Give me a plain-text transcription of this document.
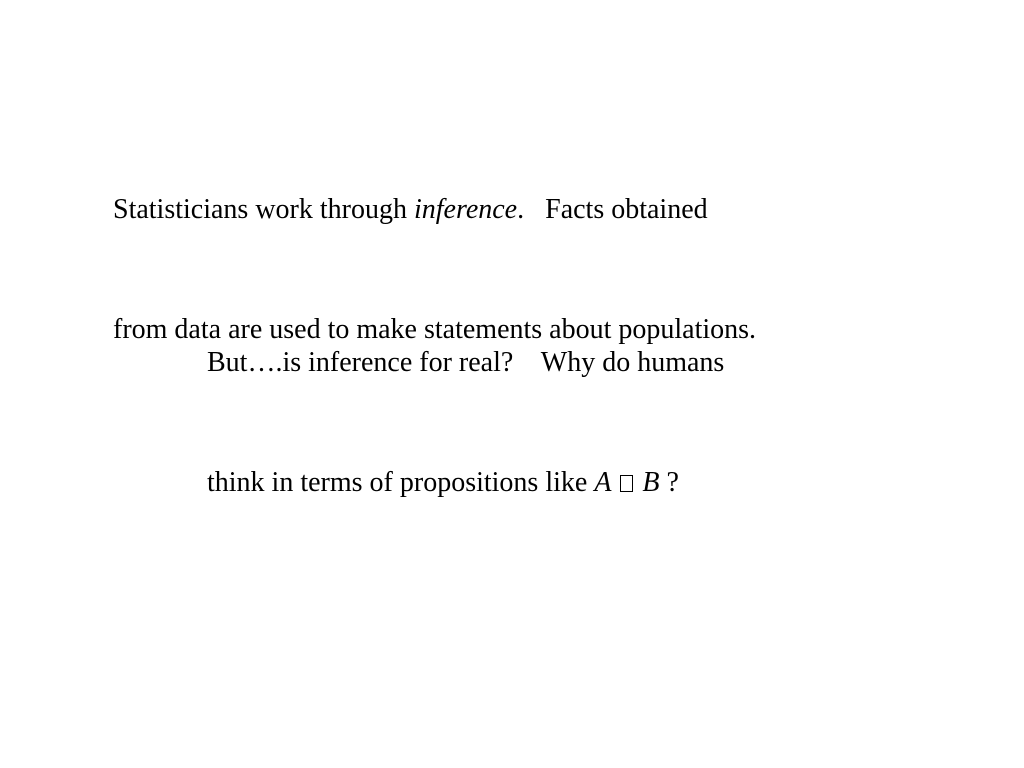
Statisticians work through inference.   Facts obtained

from data are used to make statements about populations.

But….is inference for real?    Why do humans

think in terms of propositions like A B ?
